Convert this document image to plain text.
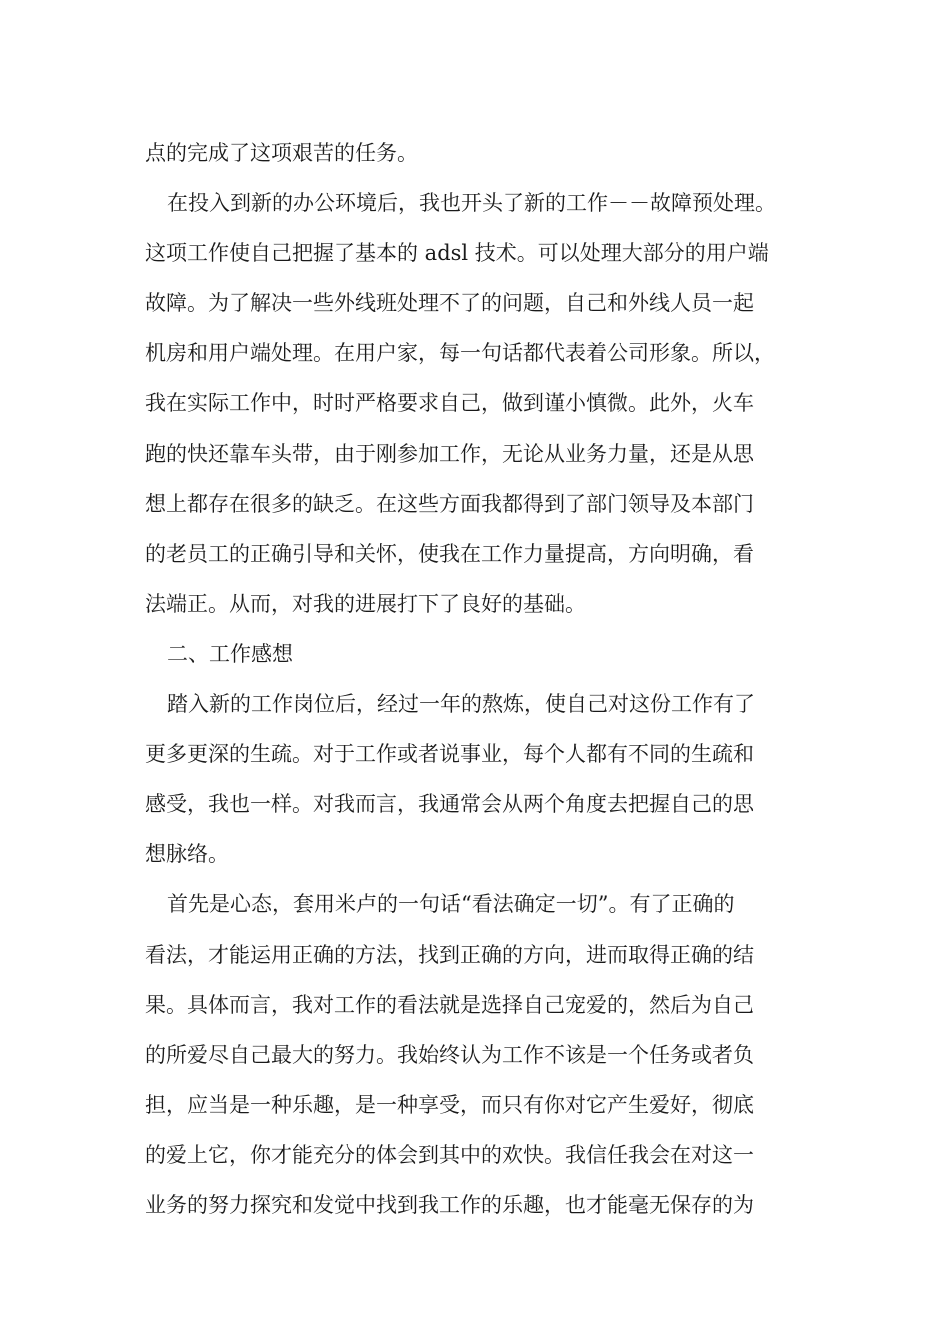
点的完成了这项艰苦的任务。
在投入到新的办公环境后，我也开头了新的工作－－故障预处理。
这项工作使自己把握了基本的 adsl 技术。可以处理大部分的用户端
故障。为了解决一些外线班处理不了的问题，自己和外线人员一起
机房和用户端处理。在用户家，每一句话都代表着公司形象。所以，
我在实际工作中，时时严格要求自己，做到谨小慎微。此外，火车
跑的快还靠车头带，由于刚参加工作，无论从业务力量，还是从思
想上都存在很多的缺乏。在这些方面我都得到了部门领导及本部门
的老员工的正确引导和关怀，使我在工作力量提高，方向明确，看
法端正。从而，对我的进展打下了良好的基础。
二、工作感想
踏入新的工作岗位后，经过一年的熬炼，使自己对这份工作有了
更多更深的生疏。对于工作或者说事业，每个人都有不同的生疏和
感受，我也一样。对我而言，我通常会从两个角度去把握自己的思
想脉络。
首先是心态，套用米卢的一句话“看法确定一切”。有了正确的
看法，才能运用正确的方法，找到正确的方向，进而取得正确的结
果。具体而言，我对工作的看法就是选择自己宠爱的，然后为自己
的所爱尽自己最大的努力。我始终认为工作不该是一个任务或者负
担，应当是一种乐趣，是一种享受，而只有你对它产生爱好，彻底
的爱上它，你才能充分的体会到其中的欢快。我信任我会在对这一
业务的努力探究和发觉中找到我工作的乐趣，也才能毫无保存的为
